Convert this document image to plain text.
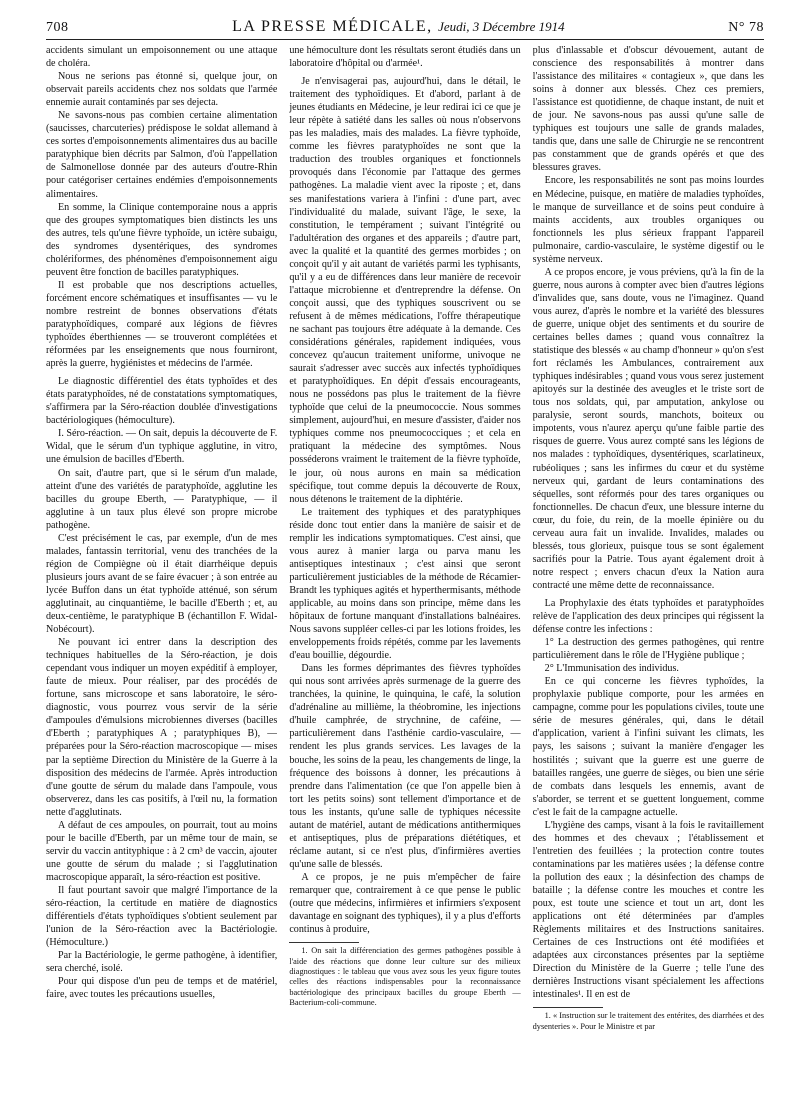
708	LA PRESSE MÉDICALE, Jeudi, 3 Décembre 1914	N° 78

accidents simulant un empoisonnement ou une attaque de choléra.

Nous ne serions pas étonné si, quelque jour, on observait pareils accidents chez nos soldats que l'armée ennemie aurait contaminés par ses dejecta.

Ne savons-nous pas combien certaine alimentation (saucisses, charcuteries) prédispose le soldat allemand à ces sortes d'empoisonnements alimentaires dus au bacille paratyphique bien décrits par Salmon, d'où l'appellation de Salmonellose donnée par des auteurs d'outre-Rhin pour catégoriser certaines endémies d'empoisonnements alimentaires.

En somme, la Clinique contemporaine nous a appris que des groupes symptomatiques bien distincts les uns des autres, tels qu'une fièvre typhoïde, un ictère subaigu, des syndromes dysentériques, des syndromes cholériformes, des phénomènes d'empoisonnement aigu peuvent être fonction de bacilles paratyphiques.

Il est probable que nos descriptions actuelles, forcément encore schématiques et insuffisantes — vu le nombre restreint de bonnes observations d'états paratyphoïdiques, comparé aux légions de fièvres typhoïdes éberthiennes — se trouveront complétées et réformées par les enseignements que nous fourniront, après la guerre, hygiénistes et médecins de l'armée.

Le diagnostic différentiel des états typhoïdes et des états paratyphoïdes, né de constatations symptomatiques, s'affirmera par la Séro-réaction doublée d'investigations bactériologiques (hémoculture).

I. Séro-réaction. — On sait, depuis la découverte de F. Widal, que le sérum d'un typhique agglutine, in vitro, une émulsion de bacilles d'Eberth.

On sait, d'autre part, que si le sérum d'un malade, atteint d'une des variétés de paratyphoïde, agglutine les bacilles du groupe Eberth, — Paratyphique, — il agglutine à un taux plus élevé son propre microbe pathogène.

C'est précisément le cas, par exemple, d'un de mes malades, fantassin territorial, venu des tranchées de la région de Compiègne où il était diarrhéique depuis plusieurs jours avant de se faire évacuer ; à son entrée au lycée Buffon dans un état typhoïde atténué, son sérum agglutinait, au cinquantième, le bacille d'Eberth ; et, au deux-centième, le paratyphique B (échantillon F. Widal-Nobécourt).

Ne pouvant ici entrer dans la description des techniques habituelles de la Séro-réaction, je dois cependant vous indiquer un moyen expéditif à employer, faute de mieux. Pour réaliser, par des procédés de fortune, sans microscope et sans laboratoire, le séro-diagnostic, vous pourrez vous servir de la série d'ampoules d'émulsions microbiennes diverses (bacilles d'Eberth ; paratyphiques A ; paratyphiques B), — préparées pour la Séro-réaction macroscopique — mises par la septième Direction du Ministère de la Guerre à la disposition des médecins de l'armée. Après introduction d'une goutte de sérum du malade dans l'ampoule, vous observerez, dans les cas positifs, à l'œil nu, la formation nette d'agglutinats.

A défaut de ces ampoules, on pourrait, tout au moins pour le bacille d'Eberth, par un même tour de main, se servir du vaccin antityphique : à 2 cm³ de vaccin, ajouter une goutte de sérum du malade ; si l'agglutination macroscopique apparaît, la séro-réaction est positive.

Il faut pourtant savoir que malgré l'importance de la séro-réaction, la certitude en matière de diagnostics différentiels d'états typhoïdiques s'obtient seulement par l'union de la Séro-réaction avec la Bactériologie. (Hémoculture.)

Par la Bactériologie, le germe pathogène, à identifier, sera cherché, isolé.

Pour qui dispose d'un peu de temps et de matériel, faire, avec toutes les précautions usuelles,

une hémoculture dont les résultats seront étudiés dans un laboratoire d'hôpital ou d'armée¹.

Je n'envisagerai pas, aujourd'hui, dans le détail, le traitement des typhoïdiques. Et d'abord, parlant à de jeunes étudiants en Médecine, je leur redirai ici ce que je leur répète à satiété dans les salles où nous n'observons pas les maladies, mais des malades. La fièvre typhoïde, comme les fièvres paratyphoïdes ne sont que la traduction des troubles organiques et fonctionnels provoqués dans l'économie par l'attaque des germes pathogènes. La maladie vient avec la riposte ; et, dans ses manifestations variera à l'infini : d'une part, avec l'individualité du malade, suivant l'âge, le sexe, la constitution, le tempérament ; suivant l'intégrité ou l'adultération des organes et des appareils ; d'autre part, avec la qualité et la quantité des germes morbides ; on conçoit qu'il y ait autant de variétés parmi les typhisants, qu'il y a eu de différences dans leur manière de recevoir l'attaque microbienne et d'entreprendre la défense. On conçoit aussi, que des typhiques souscrivent ou se refusent à de mêmes médications, l'offre thérapeutique ne sachant pas toujours être adéquate à la demande. Ces considérations générales, rapidement indiquées, vous concevez qu'aucun traitement uniforme, univoque ne saurait s'adresser avec succès aux infectés typhoïdiques et paratyphoïdiques. En dépit d'essais encourageants, nous ne possédons pas plus le traitement de la fièvre typhoïde que celui de la pneumococcie. Nous sommes simplement, aujourd'hui, en mesure d'assister, d'aider nos typhiques comme nos pneumococciques ; et cela en pratiquant la médecine des symptômes. Nous posséderons vraiment le traitement de la fièvre typhoïde, le jour, où nous aurons en main sa médication spécifique, tout comme depuis la découverte de Roux, nous détenons le traitement de la diphtérie.

Le traitement des typhiques et des paratyphiques réside donc tout entier dans la manière de saisir et de remplir les indications symptomatiques. C'est ainsi, que vous aurez à manier larga ou parva manu les antiseptiques intestinaux ; c'est ainsi que seront particulièrement justiciables de la méthode de Récamier-Brandt les typhiques agités et hyperthermisants, méthode applicable, au moins dans son principe, même dans les hôpitaux de fortune manquant d'installations balnéaires. Nous savons suppléer celles-ci par les lotions froides, les enveloppements froids répétés, comme par les lavements d'eau bouillie, dégourdie.

Dans les formes déprimantes des fièvres typhoïdes qui nous sont arrivées après surmenage de la guerre des tranchées, la quinine, le quinquina, le café, la solution d'adrénaline au millième, la théobromine, les injections d'huile camphrée, de strychnine, de caféine, — particulièrement dans l'asthénie cardio-vasculaire, — rendent les plus grands services. Les lavages de la bouche, les soins de la peau, les changements de linge, la fréquence des boissons à donner, les précautions à prendre dans l'alimentation (ce que l'on appelle bien à tort les petits soins) sont tellement d'importance et de tous les instants, qu'une salle de typhiques nécessite autant de matériel, autant de médications antithermiques et antiseptiques, plus de préparations diététiques, et réclame autant, si ce n'est plus, d'infirmières averties qu'une salle de blessés.

A ce propos, je ne puis m'empêcher de faire remarquer que, contrairement à ce que pense le public (outre que médecins, infirmières et infirmiers s'exposent davantage en soignant des typhiques), il y a plus d'efforts continus à produire,

1. On sait la différenciation des germes pathogènes possible à l'aide des réactions que donne leur culture sur des milieux diagnostiques : le tableau que vous avez sous les yeux figure toutes celles des réactions indispensables pour la reconnaissance bactériologique des principaux bacilles du groupe Eberth — Bacterium-coli-commune.

plus d'inlassable et d'obscur dévouement, autant de conscience des responsabilités à montrer dans l'assistance des militaires « contagieux », que dans les soins à donner aux blessés. Chez ces premiers, l'assistance est quotidienne, de chaque instant, de nuit et de jour. Ne savons-nous pas aussi qu'une salle de typhiques est toujours une salle de grands malades, tandis que, dans une salle de Chirurgie ne se rencontrent pas constamment que de grands opérés et que des blessures graves.

Encore, les responsabilités ne sont pas moins lourdes en Médecine, puisque, en matière de maladies typhoïdes, le manque de surveillance et de soins peut conduire à maints accidents, aux troubles organiques ou fonctionnels les plus sérieux frappant l'appareil pulmonaire, cardio-vasculaire, le système digestif ou le système nerveux.

A ce propos encore, je vous préviens, qu'à la fin de la guerre, nous aurons à compter avec bien d'autres légions d'invalides que, sans doute, vous ne l'imaginez. Quand vous aurez, d'après le nombre et la variété des blessures de guerre, unique objet des sentiments et du sourire de certaines belles dames ; quand vous connaîtrez la statistique des blessés « au champ d'honneur » qu'on s'est fort réclamés les Ambulances, contrairement aux typhiques indésirables ; quand vous vous serez justement apitoyés sur la destinée des aveugles et le triste sort de tous nos soldats, qui, par amputation, ankylose ou paralysie, seront sourds, manchots, boiteux ou impotents, vous n'aurez aperçu qu'une faible partie des risques de guerre. Vous aurez compté sans les légions de nos malades : typhoïdiques, dysentériques, scarlatineux, rubéoliques ; sans les infirmes du cœur et du système nerveux qui, gardant de leurs contaminations des séquelles, sont réformés pour des tares organiques ou fonctionnelles. De chacun d'eux, une blessure interne du cœur, du foie, du rein, de la moelle épinière ou du cerveau aura fait un invalide. Invalides, malades ou blessés, tous glorieux, puisque tous se sont également sacrifiés pour la Patrie. Tous ayant également droit à notre respect ; envers chacun d'eux la Nation aura contracté une même dette de reconnaissance.

La Prophylaxie des états typhoïdes et paratyphoïdes relève de l'application des deux principes qui régissent la défense contre les infections :

1° La destruction des germes pathogènes, qui rentre particulièrement dans le rôle de l'Hygiène publique ;

2° L'Immunisation des individus.

En ce qui concerne les fièvres typhoïdes, la prophylaxie publique comporte, pour les armées en campagne, comme pour les populations civiles, toute une série de mesures générales, qui, dans le détail d'application, varient à l'infini suivant les climats, les pays, les saisons ; suivant la manière d'engager les hostilités ; suivant que la guerre est une guerre de batailles rangées, une guerre de sièges, ou bien une série de combats dans lesquels les ennemis, avant de s'aborder, se terrent et se guettent longuement, comme c'est le fait de la campagne actuelle.

L'hygiène des camps, visant à la fois le ravitaillement des hommes et des chevaux ; l'établissement et l'entretien des feuillées ; la protection contre toutes contaminations par les matières usées ; la défense contre la pollution des eaux ; la désinfection des champs de bataille ; la défense contre les mouches et contre les poux, est toute une science et tout un art, dont les applications ont été déterminées par d'amples Règlements militaires et des Instructions sanitaires. Certaines de ces Instructions ont été modifiées et adaptées aux circonstances présentes par la septième Direction du Ministère de la Guerre ; telle l'une des dernières Instructions visant spécialement les affections intestinales¹. Il en est de

1. « Instruction sur le traitement des entérites, des diarrhées et des dysenteries ». Pour le Ministre et par
